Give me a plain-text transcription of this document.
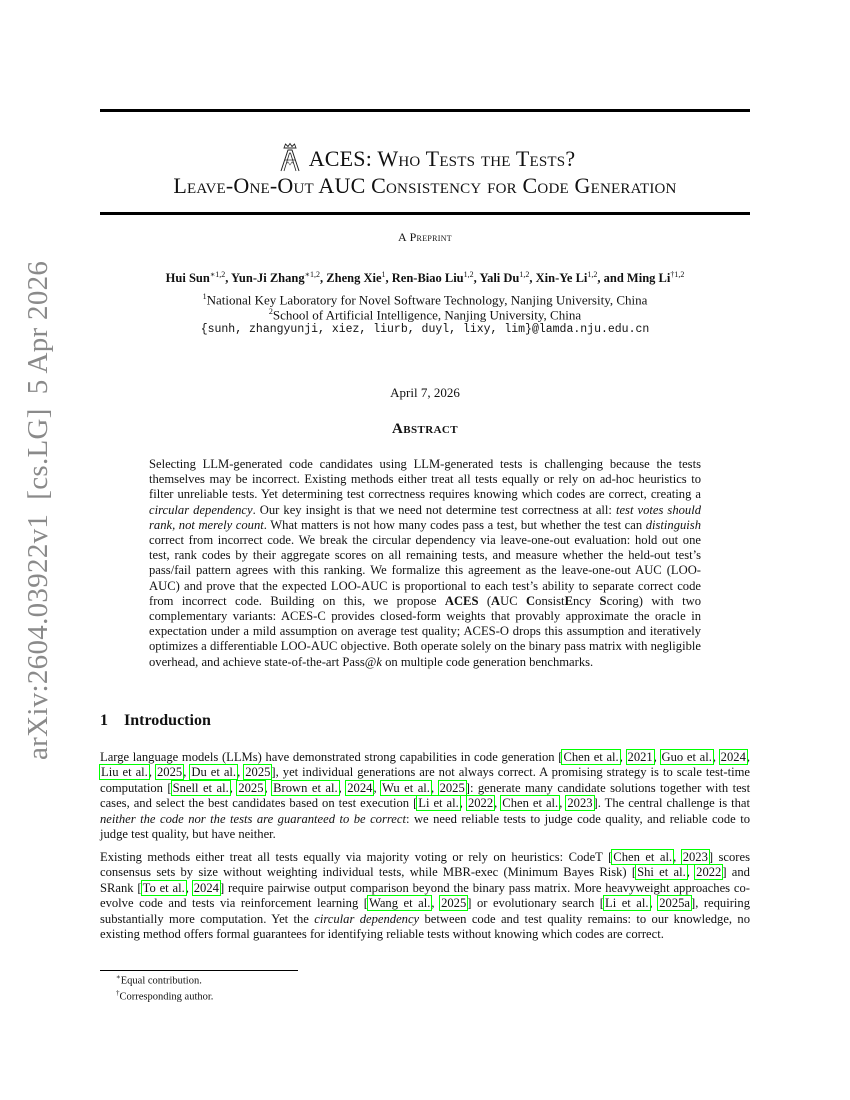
arXiv:2604.03922v1[cs.LG]5 Apr 2026
ACES: Who Tests the Tests?
Leave-One-Out AUC Consistency for Code Generation
A Preprint
Hui Sun$^{∗1,2}$, Yun-Ji Zhang$^{∗1,2}$, Zheng Xie$^1$, Ren-Biao Liu$^{1,2}$, Yali Du$^{1,2}$, Xin-Ye Li$^{1,2}$, and Ming Li$^{\dagger 1,2}$
$^1$National Key Laboratory for Novel Software Technology, Nanjing University, China
$^2$School of Artificial Intelligence, Nanjing University, China
{sunh, zhangyunji, xiez, liurb, duyl, lixy, lim}@lamda.nju.edu.cn
April 7, 2026
Abstract
Selecting LLM-generated code candidates using LLM-generated tests is challenging because the tests themselves may be incorrect. Existing methods either treat all tests equally or rely on ad-hoc heuristics to filter unreliable tests. Yet determining test correctness requires knowing which codes are correct, creating a circular dependency. Our key insight is that we need not determine test correctness at all: test votes should rank, not merely count. What matters is not how many codes pass a test, but whether the test can distinguish correct from incorrect code. We break the circular dependency via leave-one-out evaluation: hold out one test, rank codes by their aggregate scores on all remaining tests, and measure whether the held-out test’s pass/fail pattern agrees with this ranking. We formalize this agreement as the leave-one-out AUC (LOO-AUC) and prove that the expected LOO-AUC is proportional to each test’s ability to separate correct code from incorrect code. Building on this, we propose ACES (AUC ConsistEncy Scoring) with two complementary variants: ACES-C provides closed-form weights that provably approximate the oracle in expectation under a mild assumption on average test quality; ACES-O drops this assumption and iteratively optimizes a differentiable LOO-AUC objective. Both operate solely on the binary pass matrix with negligible overhead, and achieve state-of-the-art Pass@k on multiple code generation benchmarks.
1 Introduction
Large language models (LLMs) have demonstrated strong capabilities in code generation [Chen et al., 2021, Guo et al., 2024, Liu et al., 2025, Du et al., 2025], yet individual generations are not always correct. A promising strategy is to scale test-time computation [Snell et al., 2025, Brown et al., 2024, Wu et al., 2025]: generate many candidate solutions together with test cases, and select the best candidates based on test execution [Li et al., 2022, Chen et al., 2023]. The central challenge is that neither the code nor the tests are guaranteed to be correct: we need reliable tests to judge code quality, and reliable code to judge test quality, but have neither.
Existing methods either treat all tests equally via majority voting or rely on heuristics: CodeT [Chen et al., 2023] scores consensus sets by size without weighting individual tests, while MBR-exec (Minimum Bayes Risk) [Shi et al., 2022] and SRank [To et al., 2024] require pairwise output comparison beyond the binary pass matrix. More heavyweight approaches co-evolve code and tests via reinforcement learning [Wang et al., 2025] or evolutionary search [Li et al., 2025a], requiring substantially more computation. Yet the circular dependency between code and test quality remains: to our knowledge, no existing method offers formal guarantees for identifying reliable tests without knowing which codes are correct.
∗Equal contribution.
†Corresponding author.
